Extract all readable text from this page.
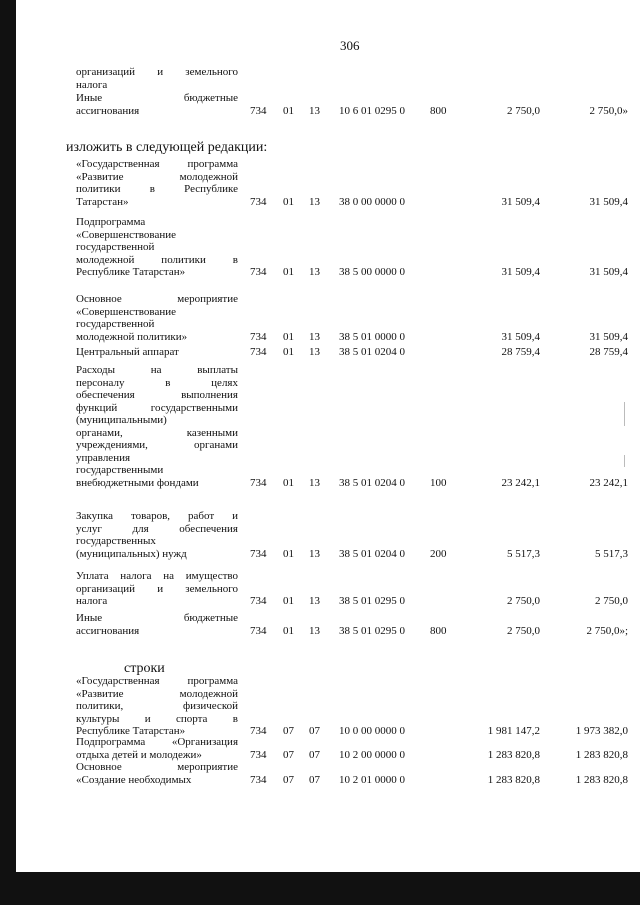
306
организаций и земельного
налога
Иные бюджетные
ассигнования	734 01 13 10 6 01 0295 0 800	2 750,0	2 750,0»
«Государственная программа
«Развитие молодежной
политики в Республике
Татарстан»	734 01 13 38 0 00 0000 0	31 509,4	31 509,4
Подпрограмма
«Совершенствование
государственной
молодежной политики в
Республике Татарстан»	734 01 13 38 5 00 0000 0	31 509,4	31 509,4
Основное мероприятие
«Совершенствование
государственной
молодежной политики»	734 01 13 38 5 01 0000 0	31 509,4	31 509,4
Центральный аппарат	734 01 13 38 5 01 0204 0	28 759,4	28 759,4
Расходы на выплаты
персоналу в целях
обеспечения выполнения
функций государственными
(муниципальными)
органами, казенными
учреждениями, органами
управления
государственными
внебюджетными фондами	734 01 13 38 5 01 0204 0 100	23 242,1	23 242,1
Закупка товаров, работ и
услуг для обеспечения
государственных
(муниципальных) нужд	734 01 13 38 5 01 0204 0 200	5 517,3	5 517,3
Уплата налога на имущество
организаций и земельного
налога	734 01 13 38 5 01 0295 0	2 750,0	2 750,0
Иные бюджетные
ассигнования	734 01 13 38 5 01 0295 0 800	2 750,0	2 750,0»;
«Государственная программа
«Развитие молодежной
политики, физической
культуры и спорта в
Республике Татарстан»	734 07 07 10 0 00 0000 0	1 981 147,2	1 973 382,0
Подпрограмма «Организация
отдыха детей и молодежи»	734 07 07 10 2 00 0000 0	1 283 820,8	1 283 820,8
Основное мероприятие
«Создание необходимых	734 07 07 10 2 01 0000 0	1 283 820,8	1 283 820,8
изложить в следующей редакции:
строки
